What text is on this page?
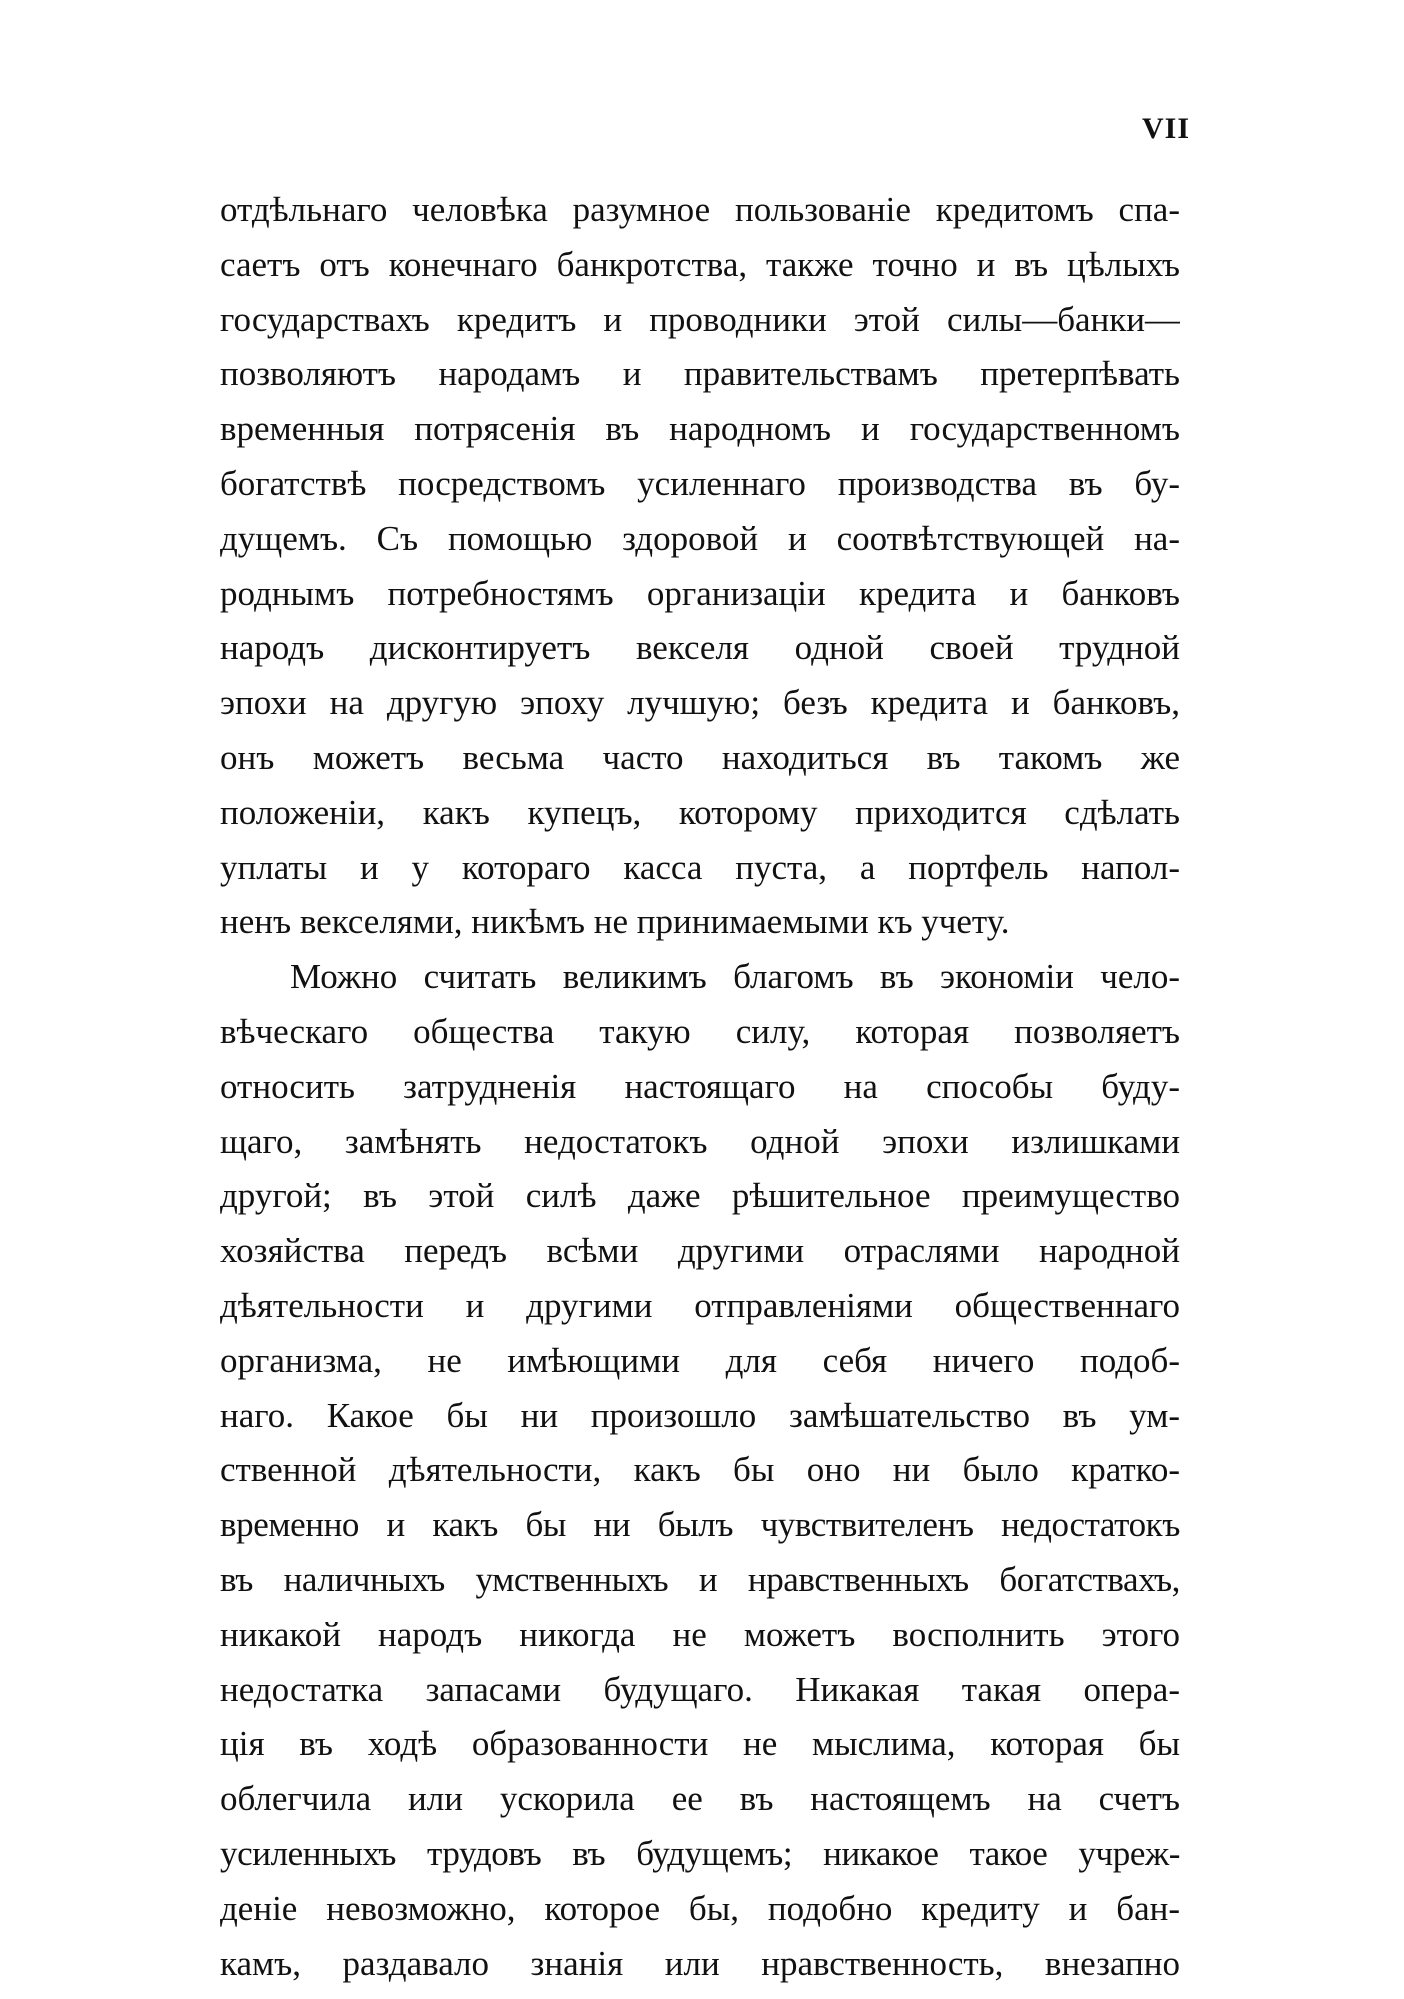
VII
отдѣльнаго человѣка разумное пользованіе кредитомъ спа-
саетъ отъ конечнаго банкротства, также точно и въ цѣлыхъ
государствахъ кредитъ и проводники этой силы—банки—
позволяютъ народамъ и правительствамъ претерпѣвать
временныя потрясенія въ народномъ и государственномъ
богатствѣ посредствомъ усиленнаго производства въ бу-
дущемъ. Съ помощью здоровой и соотвѣтствующей на-
роднымъ потребностямъ организаціи кредита и банковъ
народъ дисконтируетъ векселя одной своей трудной
эпохи на другую эпоху лучшую; безъ кредита и банковъ,
онъ можетъ весьма часто находиться въ такомъ же
положеніи, какъ купецъ, которому приходится сдѣлать
уплаты и у котораго касса пуста, а портфель напол-
ненъ векселями, никѣмъ не принимаемыми къ учету.
Можно считать великимъ благомъ въ экономіи чело-
вѣческаго общества такую силу, которая позволяетъ
относить затрудненія настоящаго на способы буду-
щаго, замѣнять недостатокъ одной эпохи излишками
другой; въ этой силѣ даже рѣшительное преимущество
хозяйства передъ всѣми другими отраслями народной
дѣятельности и другими отправленіями общественнаго
организма, не имѣющими для себя ничего подоб-
наго. Какое бы ни произошло замѣшательство въ ум-
ственной дѣятельности, какъ бы оно ни было кратко-
временно и какъ бы ни былъ чувствителенъ недостатокъ
въ наличныхъ умственныхъ и нравственныхъ богатствахъ,
никакой народъ никогда не можетъ восполнить этого
недостатка запасами будущаго. Никакая такая опера-
ція въ ходѣ образованности не мыслима, которая бы
облегчила или ускорила ее въ настоящемъ на счетъ
усиленныхъ трудовъ въ будущемъ; никакое такое учреж-
деніе невозможно, которое бы, подобно кредиту и бан-
камъ, раздавало знанія или нравственность, внезапно
